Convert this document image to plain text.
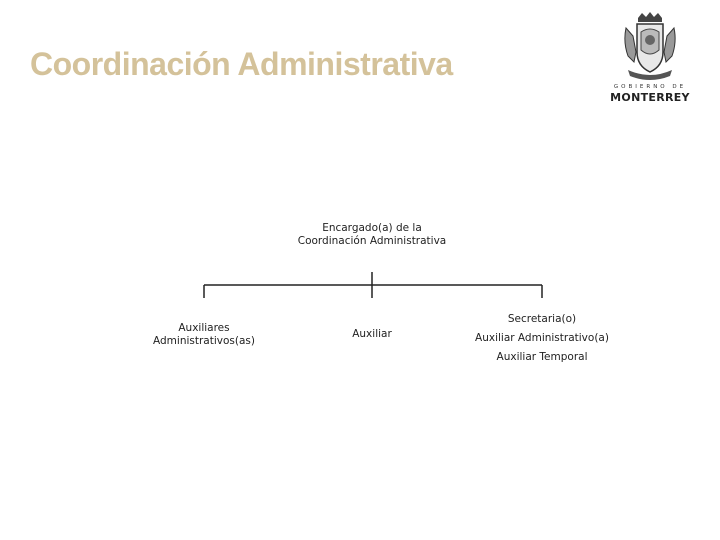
Coordinación Administrativa
GOBIERNO DE
MONTERREY
Encargado(a) de la
Coordinación Administrativa
Auxiliares
Administrativos(as)
Auxiliar
Secretaria(o)
Auxiliar Administrativo(a)
Auxiliar Temporal
